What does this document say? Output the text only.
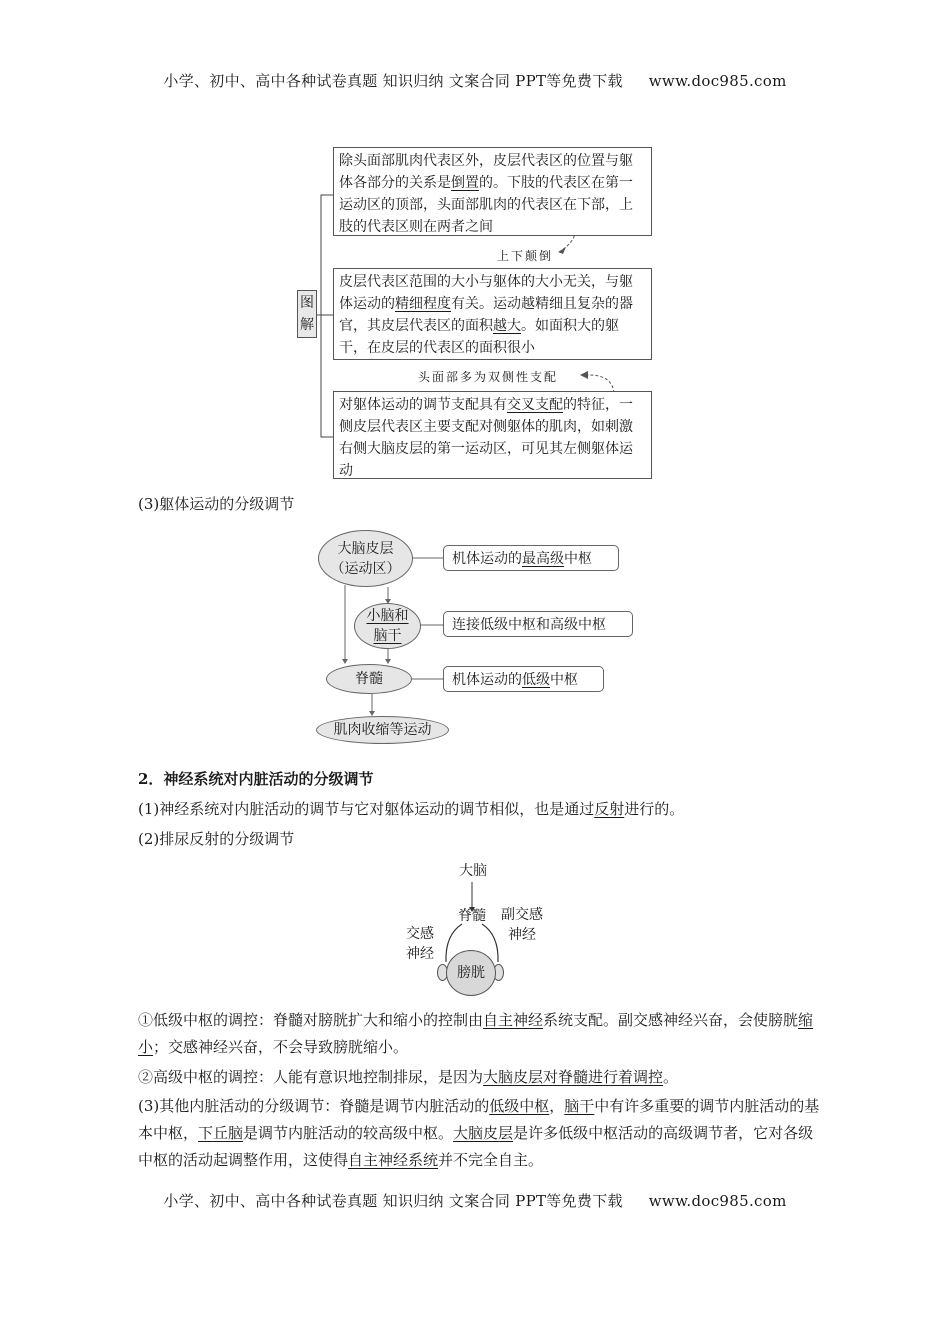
小学、初中、高中各种试卷真题 知识归纳 文案合同 PPT等免费下载 www.doc985.com
图解
除头面部肌肉代表区外，皮层代表区的位置与躯体各部分的关系是倒置的。下肢的代表区在第一运动区的顶部，头面部肌肉的代表区在下部，上肢的代表区则在两者之间
上下颠倒
皮层代表区范围的大小与躯体的大小无关，与躯体运动的精细程度有关。运动越精细且复杂的器官，其皮层代表区的面积越大。如面积大的躯干，在皮层的代表区的面积很小
头面部多为双侧性支配
对躯体运动的调节支配具有交叉支配的特征，一侧皮层代表区主要支配对侧躯体的肌肉，如刺激右侧大脑皮层的第一运动区，可见其左侧躯体运动
(3)躯体运动的分级调节
大脑皮层
（运动区）
机体运动的 最高级 中枢
小脑和
脑干
连接低级中枢和高级中枢
脊髓	机体运动的 低级 中枢
肌肉收缩等运动
2．神经系统对内脏活动的分级调节
(1)神经系统对内脏活动的调节与它对躯体运动的调节相似，也是通过反射进行的。
(2)排尿反射的分级调节
大脑
脊髓
交感
神经
副交感
神经
膀胱
①低级中枢的调控：脊髓对膀胱扩大和缩小的控制由自主神经系统支配。副交感神经兴奋，会使膀胱缩小；交感神经兴奋，不会导致膀胱缩小。
②高级中枢的调控：人能有意识地控制排尿，是因为大脑皮层对脊髓进行着调控。
(3)其他内脏活动的分级调节：脊髓是调节内脏活动的低级中枢，脑干中有许多重要的调节内脏活动的基本中枢，下丘脑是调节内脏活动的较高级中枢。大脑皮层是许多低级中枢活动的高级调节者，它对各级中枢的活动起调整作用，这使得自主神经系统并不完全自主。
小学、初中、高中各种试卷真题 知识归纳 文案合同 PPT等免费下载 www.doc985.com
